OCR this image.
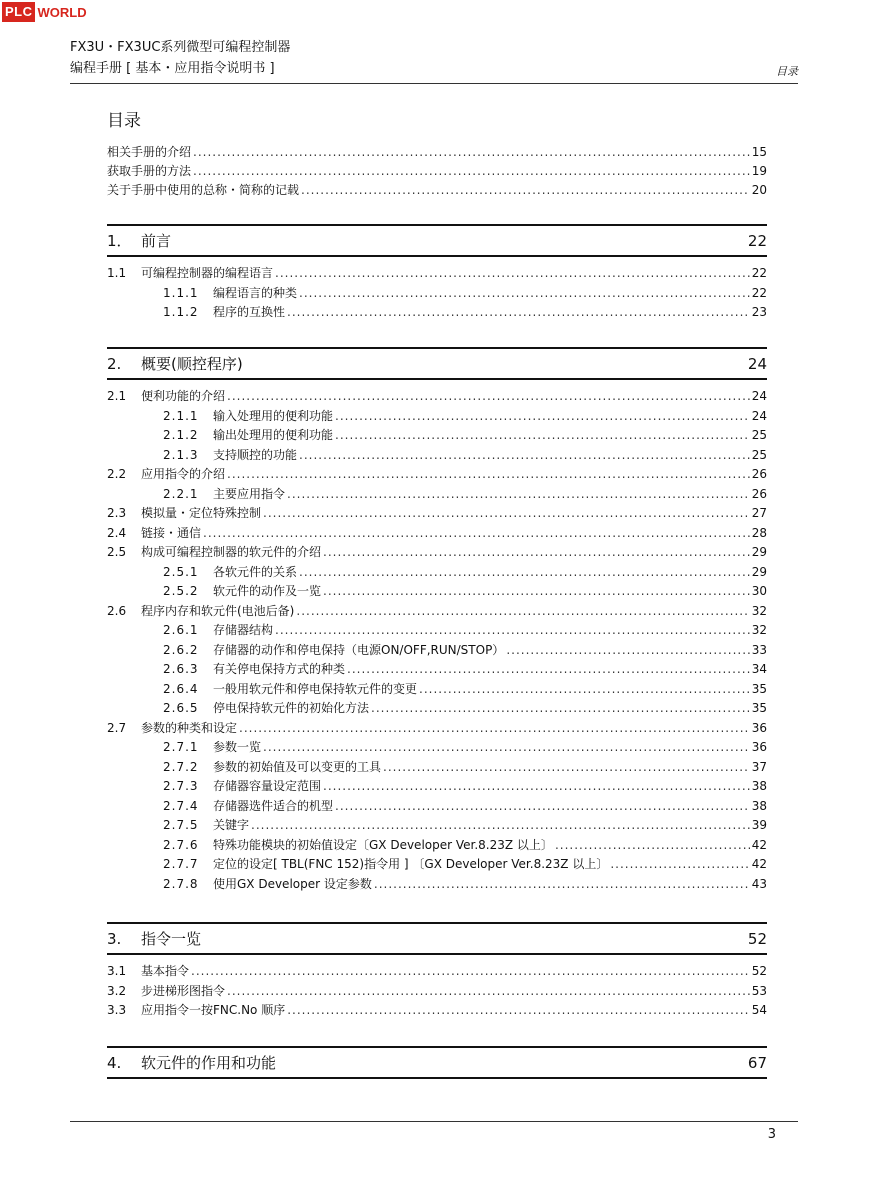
PLC WORLD
FX3U・FX3UC系列微型可编程控制器
编程手册 [ 基本・应用指令说明书 ]	目录
目录
相关手册的介绍 .....	15
获取手册的方法 .....	19
关于手册中使用的总称・简称的记载 .....	20
1． 前言	22
1.1	可编程控制器的编程语言 .....	22
1.1.1	编程语言的种类 .....	22
1.1.2	程序的互换性 .....	23
2.	概要(顺控程序)	24
2.1	便利功能的介绍 .....	24
2.1.1	输入处理用的便利功能 .....	24
2.1.2	输出处理用的便利功能 .....	25
2.1.3	支持顺控的功能 .....	25
2.2	应用指令的介绍 .....	26
2.2.1	主要应用指令 .....	26
2.3	模拟量・定位特殊控制 .....	27
2.4	链接・通信 .....	28
2.5	构成可编程控制器的软元件的介绍 .....	29
2.5.1	各软元件的关系 .....	29
2.5.2	软元件的动作及一览 .....	30
2.6	程序内存和软元件(电池后备) .....	32
2.6.1	存储器结构 .....	32
2.6.2	存储器的动作和停电保持（电源ON/OFF,RUN/STOP） .....	33
2.6.3	有关停电保持方式的种类 .....	34
2.6.4	一般用软元件和停电保持软元件的变更 .....	35
2.6.5	停电保持软元件的初始化方法 .....	35
2.7	参数的种类和设定 .....	36
2.7.1	参数一览 .....	36
2.7.2	参数的初始值及可以变更的工具 .....	37
2.7.3	存储器容量设定范围 .....	38
2.7.4	存储器选件适合的机型 .....	38
2.7.5	关键字 .....	39
2.7.6	特殊功能模块的初始值设定〔GX Developer Ver.8.23Z 以上〕 .....	42
2.7.7	定位的设定[ TBL(FNC 152)指令用 ] 〔GX Developer Ver.8.23Z 以上〕 .....	42
2.7.8	使用GX Developer 设定参数 .....	43
3.	指令一览	52
3.1	基本指令 .....	52
3.2	步进梯形图指令 .....	53
3.3	应用指令一按FNC.No 顺序 .....	54
4.	软元件的作用和功能	67
3
